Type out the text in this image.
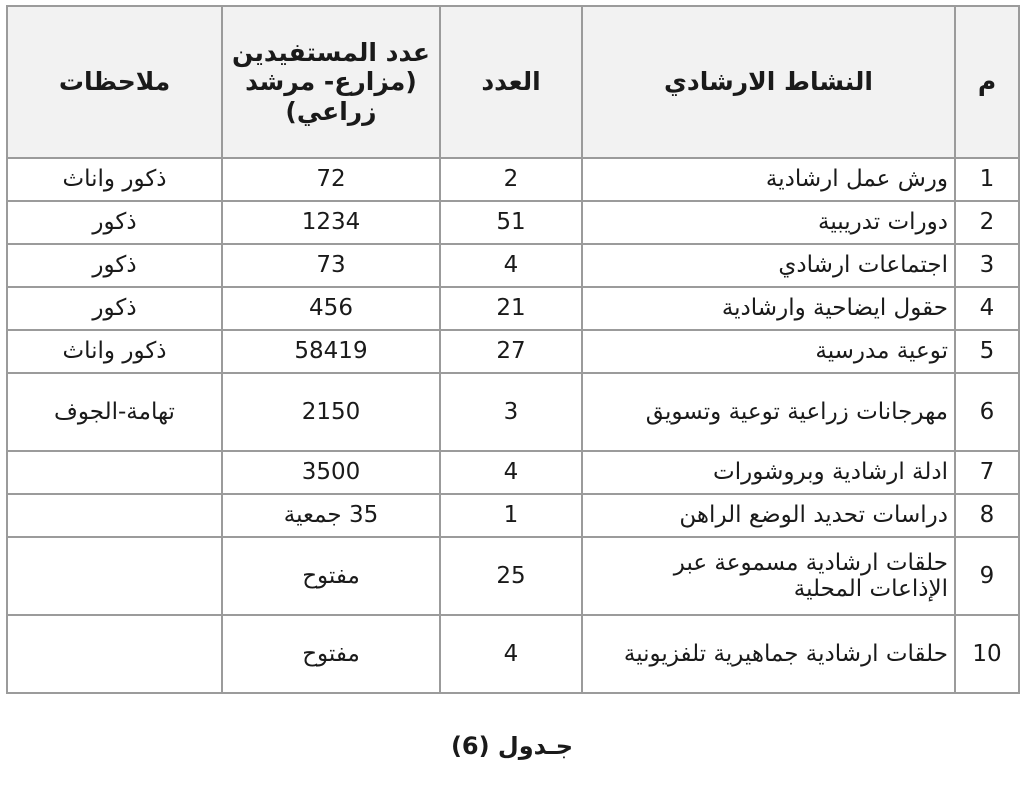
م	النشاط الارشادي	العدد	عدد المستفيدين (مزارع- مرشد زراعي)	ملاحظات
1	ورش عمل ارشادية	2	72	ذكور واناث
2	دورات تدريبية	51	1234	ذكور
3	اجتماعات ارشادي	4	73	ذكور
4	حقول ايضاحية وارشادية	21	456	ذكور
5	توعية مدرسية	27	58419	ذكور واناث
6	مهرجانات زراعية توعية وتسويق	3	2150	تهامة-الجوف
7	ادلة ارشادية وبروشورات	4	3500	
8	دراسات تحديد الوضع الراهن	1	35 جمعية	
9	حلقات ارشادية مسموعة عبر الإذاعات المحلية	25	مفتوح	
10	حلقات ارشادية جماهيرية تلفزيونية	4	مفتوح	
جـدول (6)
